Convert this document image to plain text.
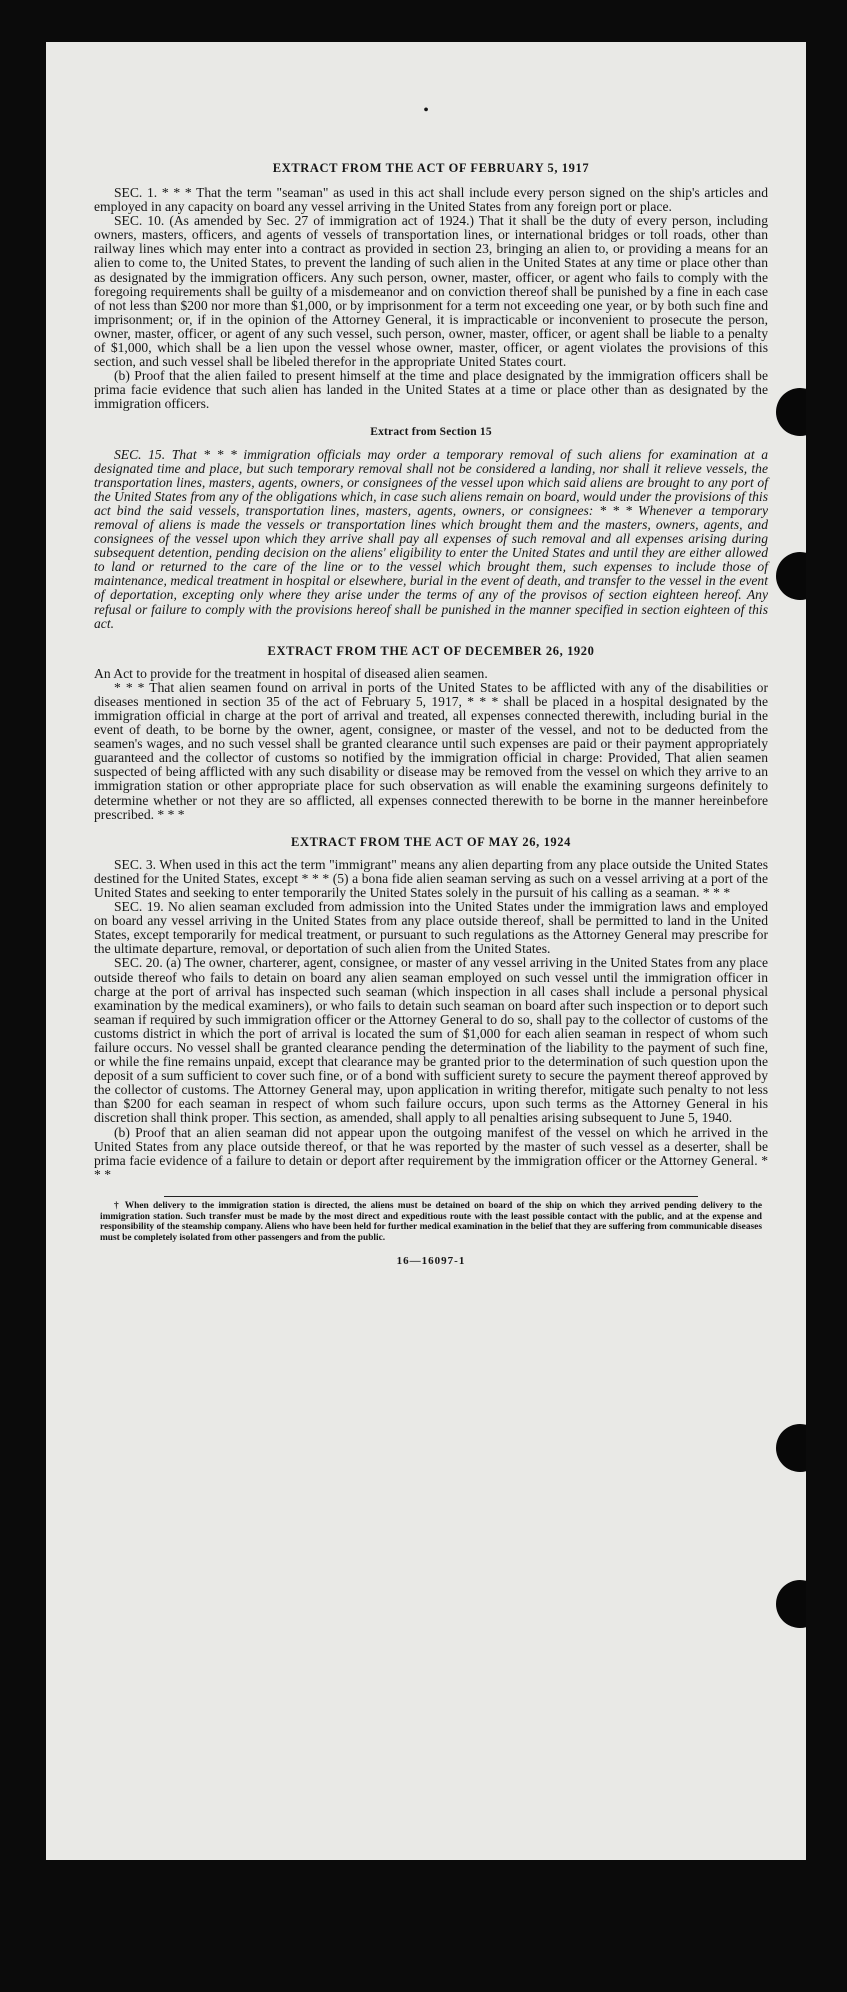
•
EXTRACT FROM THE ACT OF FEBRUARY 5, 1917

SEC. 1. * * * That the term "seaman" as used in this act shall include every person signed on the ship's articles and employed in any capacity on board any vessel arriving in the United States from any foreign port or place.

SEC. 10. (As amended by Sec. 27 of immigration act of 1924.) That it shall be the duty of every person, including owners, masters, officers, and agents of vessels of transportation lines, or international bridges or toll roads, other than railway lines which may enter into a contract as provided in section 23, bringing an alien to, or providing a means for an alien to come to, the United States, to prevent the landing of such alien in the United States at any time or place other than as designated by the immigration officers. Any such person, owner, master, officer, or agent who fails to comply with the foregoing requirements shall be guilty of a misdemeanor and on conviction thereof shall be punished by a fine in each case of not less than $200 nor more than $1,000, or by imprisonment for a term not exceeding one year, or by both such fine and imprisonment; or, if in the opinion of the Attorney General, it is impracticable or inconvenient to prosecute the person, owner, master, officer, or agent of any such vessel, such person, owner, master, officer, or agent shall be liable to a penalty of $1,000, which shall be a lien upon the vessel whose owner, master, officer, or agent violates the provisions of this section, and such vessel shall be libeled therefor in the appropriate United States court.

(b) Proof that the alien failed to present himself at the time and place designated by the immigration officers shall be prima facie evidence that such alien has landed in the United States at a time or place other than as designated by the immigration officers.

Extract from Section 15

SEC. 15. That * * * immigration officials may order a temporary removal of such aliens for examination at a designated time and place, but such temporary removal shall not be considered a landing, nor shall it relieve vessels, the transportation lines, masters, agents, owners, or consignees of the vessel upon which said aliens are brought to any port of the United States from any of the obligations which, in case such aliens remain on board, would under the provisions of this act bind the said vessels, transportation lines, masters, agents, owners, or consignees: * * * Whenever a temporary removal of aliens is made the vessels or transportation lines which brought them and the masters, owners, agents, and consignees of the vessel upon which they arrive shall pay all expenses of such removal and all expenses arising during subsequent detention, pending decision on the aliens' eligibility to enter the United States and until they are either allowed to land or returned to the care of the line or to the vessel which brought them, such expenses to include those of maintenance, medical treatment in hospital or elsewhere, burial in the event of death, and transfer to the vessel in the event of deportation, excepting only where they arise under the terms of any of the provisos of section eighteen hereof. Any refusal or failure to comply with the provisions hereof shall be punished in the manner specified in section eighteen of this act.

EXTRACT FROM THE ACT OF DECEMBER 26, 1920

An Act to provide for the treatment in hospital of diseased alien seamen.

* * * That alien seamen found on arrival in ports of the United States to be afflicted with any of the disabilities or diseases mentioned in section 35 of the act of February 5, 1917, * * * shall be placed in a hospital designated by the immigration official in charge at the port of arrival and treated, all expenses connected therewith, including burial in the event of death, to be borne by the owner, agent, consignee, or master of the vessel, and not to be deducted from the seamen's wages, and no such vessel shall be granted clearance until such expenses are paid or their payment appropriately guaranteed and the collector of customs so notified by the immigration official in charge: Provided, That alien seamen suspected of being afflicted with any such disability or disease may be removed from the vessel on which they arrive to an immigration station or other appropriate place for such observation as will enable the examining surgeons definitely to determine whether or not they are so afflicted, all expenses connected therewith to be borne in the manner hereinbefore prescribed. * * *

EXTRACT FROM THE ACT OF MAY 26, 1924

SEC. 3. When used in this act the term "immigrant" means any alien departing from any place outside the United States destined for the United States, except * * * (5) a bona fide alien seaman serving as such on a vessel arriving at a port of the United States and seeking to enter temporarily the United States solely in the pursuit of his calling as a seaman. * * *

SEC. 19. No alien seaman excluded from admission into the United States under the immigration laws and employed on board any vessel arriving in the United States from any place outside thereof, shall be permitted to land in the United States, except temporarily for medical treatment, or pursuant to such regulations as the Attorney General may prescribe for the ultimate departure, removal, or deportation of such alien from the United States.

SEC. 20. (a) The owner, charterer, agent, consignee, or master of any vessel arriving in the United States from any place outside thereof who fails to detain on board any alien seaman employed on such vessel until the immigration officer in charge at the port of arrival has inspected such seaman (which inspection in all cases shall include a personal physical examination by the medical examiners), or who fails to detain such seaman on board after such inspection or to deport such seaman if required by such immigration officer or the Attorney General to do so, shall pay to the collector of customs of the customs district in which the port of arrival is located the sum of $1,000 for each alien seaman in respect of whom such failure occurs. No vessel shall be granted clearance pending the determination of the liability to the payment of such fine, or while the fine remains unpaid, except that clearance may be granted prior to the determination of such question upon the deposit of a sum sufficient to cover such fine, or of a bond with sufficient surety to secure the payment thereof approved by the collector of customs. The Attorney General may, upon application in writing therefor, mitigate such penalty to not less than $200 for each seaman in respect of whom such failure occurs, upon such terms as the Attorney General in his discretion shall think proper. This section, as amended, shall apply to all penalties arising subsequent to June 5, 1940.

(b) Proof that an alien seaman did not appear upon the outgoing manifest of the vessel on which he arrived in the United States from any place outside thereof, or that he was reported by the master of such vessel as a deserter, shall be prima facie evidence of a failure to detain or deport after requirement by the immigration officer or the Attorney General. * * *

† When delivery to the immigration station is directed, the aliens must be detained on board of the ship on which they arrived pending delivery to the immigration station. Such transfer must be made by the most direct and expeditious route with the least possible contact with the public, and at the expense and responsibility of the steamship company. Aliens who have been held for further medical examination in the belief that they are suffering from communicable diseases must be completely isolated from other passengers and from the public.

16—16097-1
